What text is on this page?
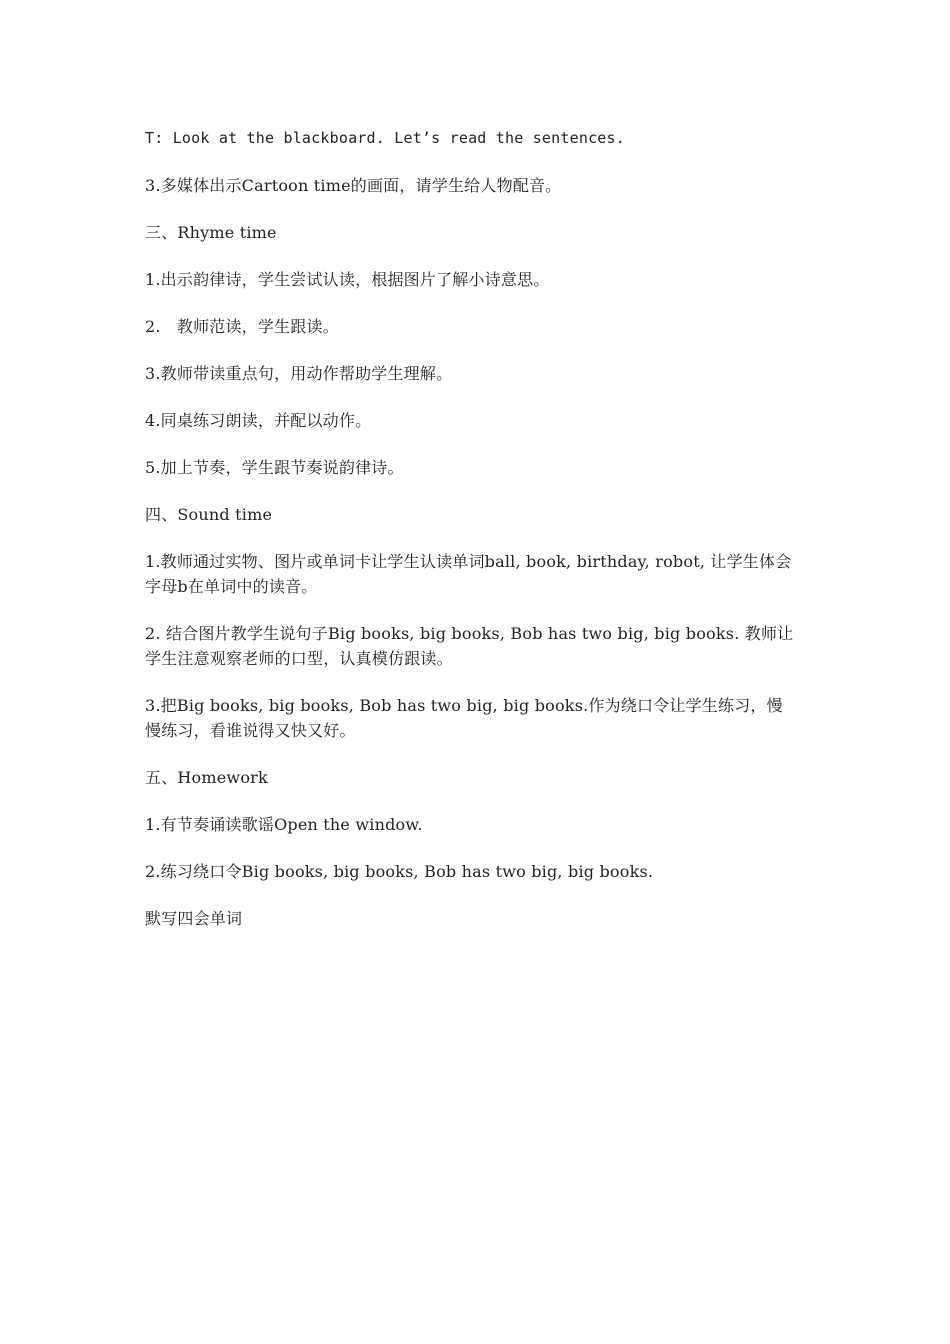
T: Look at the blackboard. Let’s read the sentences.

3.多媒体出示Cartoon time的画面，请学生给人物配音。

三、Rhyme time

1.出示韵律诗，学生尝试认读，根据图片了解小诗意思。

2.　教师范读，学生跟读。

3.教师带读重点句，用动作帮助学生理解。

4.同桌练习朗读，并配以动作。

5.加上节奏，学生跟节奏说韵律诗。

四、Sound time

1.教师通过实物、图片或单词卡让学生认读单词ball, book, birthday, robot, 让学生体会字母b在单词中的读音。

2. 结合图片教学生说句子Big books, big books, Bob has two big, big books. 教师让学生注意观察老师的口型，认真模仿跟读。

3.把Big books, big books, Bob has two big, big books.作为绕口令让学生练习，慢慢练习，看谁说得又快又好。

五、Homework

1.有节奏诵读歌谣Open the window.

2.练习绕口令Big books, big books, Bob has two big, big books.

默写四会单词
